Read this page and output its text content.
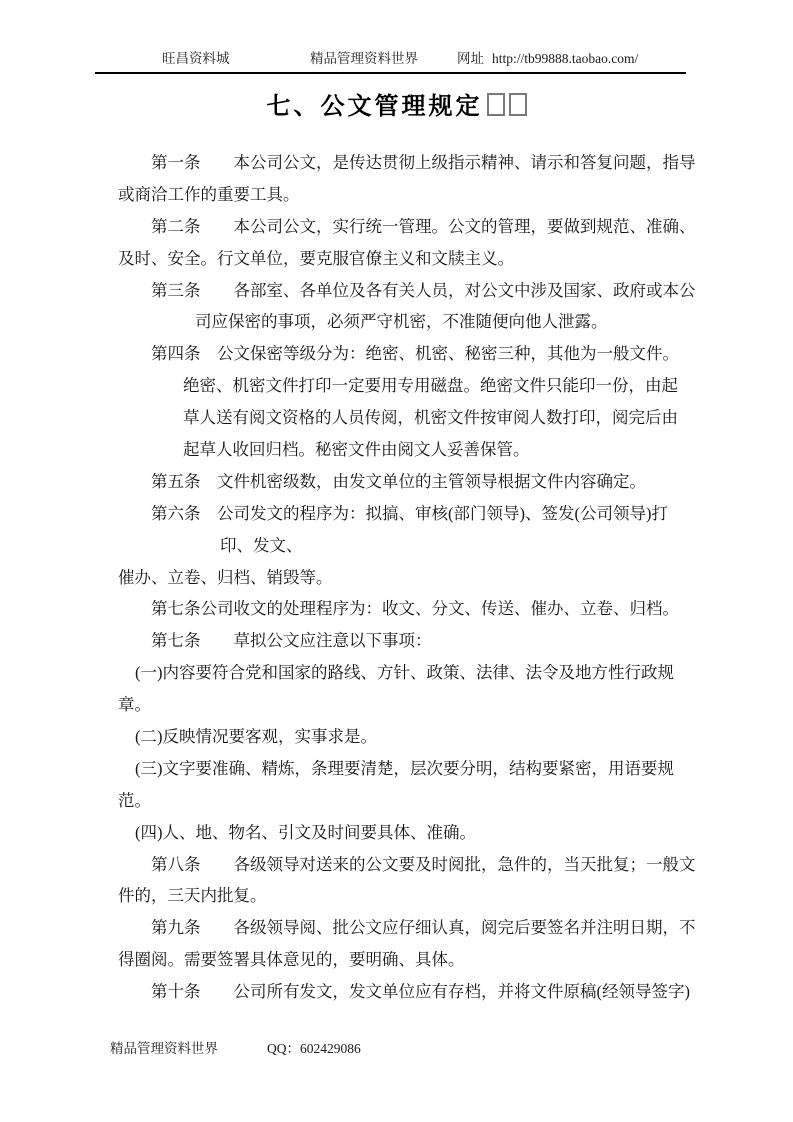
旺昌资料城	精品管理资料世界	网址 http://tb99888.taobao.com/
七、公文管理规定
第一条　　本公司公文，是传达贯彻上级指示精神、请示和答复问题，指导
或商洽工作的重要工具。
第二条　　本公司公文，实行统一管理。公文的管理，要做到规范、准确、
及时、安全。行文单位，要克服官僚主义和文牍主义。
第三条　　各部室、各单位及各有关人员，对公文中涉及国家、政府或本公
司应保密的事项，必须严守机密，不准随便向他人泄露。
第四条　公文保密等级分为：绝密、机密、秘密三种，其他为一般文件。
绝密、机密文件打印一定要用专用磁盘。绝密文件只能印一份，由起
草人送有阅文资格的人员传阅，机密文件按审阅人数打印，阅完后由
起草人收回归档。秘密文件由阅文人妥善保管。
第五条　文件机密级数，由发文单位的主管领导根据文件内容确定。
第六条　公司发文的程序为：拟搞、审核(部门领导)、签发(公司领导)打
印、发文、
催办、立卷、归档、销毁等。
第七条公司收文的处理程序为：收文、分文、传送、催办、立卷、归档。
第七条　　草拟公文应注意以下事项：
(一)内容要符合党和国家的路线、方针、政策、法律、法令及地方性行政规
章。
(二)反映情况要客观，实事求是。
(三)文字要准确、精炼，条理要清楚，层次要分明，结构要紧密，用语要规
范。
(四)人、地、物名、引文及时间要具体、准确。
第八条　　各级领导对送来的公文要及时阅批，急件的，当天批复；一般文
件的，三天内批复。
第九条　　各级领导阅、批公文应仔细认真，阅完后要签名并注明日期，不
得圈阅。需要签署具体意见的，要明确、具体。
第十条　　公司所有发文，发文单位应有存档，并将文件原稿(经领导签字)
精品管理资料世界	QQ：602429086
